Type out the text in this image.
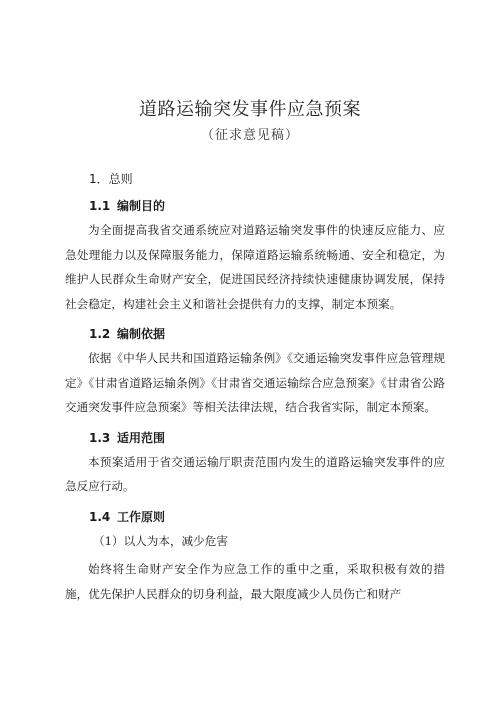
道路运输突发事件应急预案
（征求意见稿）
1．总则
1.1 编制目的

为全面提高我省交通系统应对道路运输突发事件的快速反应能力、应急处理能力以及保障服务能力，保障道路运输系统畅通、安全和稳定，为维护人民群众生命财产安全，促进国民经济持续快速健康协调发展，保持社会稳定，构建社会主义和谐社会提供有力的支撑，制定本预案。

1.2 编制依据

依据《中华人民共和国道路运输条例》《交通运输突发事件应急管理规定》《甘肃省道路运输条例》《甘肃省交通运输综合应急预案》《甘肃省公路交通突发事件应急预案》等相关法律法规，结合我省实际，制定本预案。

1.3 适用范围

本预案适用于省交通运输厅职责范围内发生的道路运输突发事件的应急反应行动。

1.4 工作原则
（1）以人为本，减少危害

始终将生命财产安全作为应急工作的重中之重，采取积极有效的措施，优先保护人民群众的切身利益，最大限度减少人员伤亡和财产
